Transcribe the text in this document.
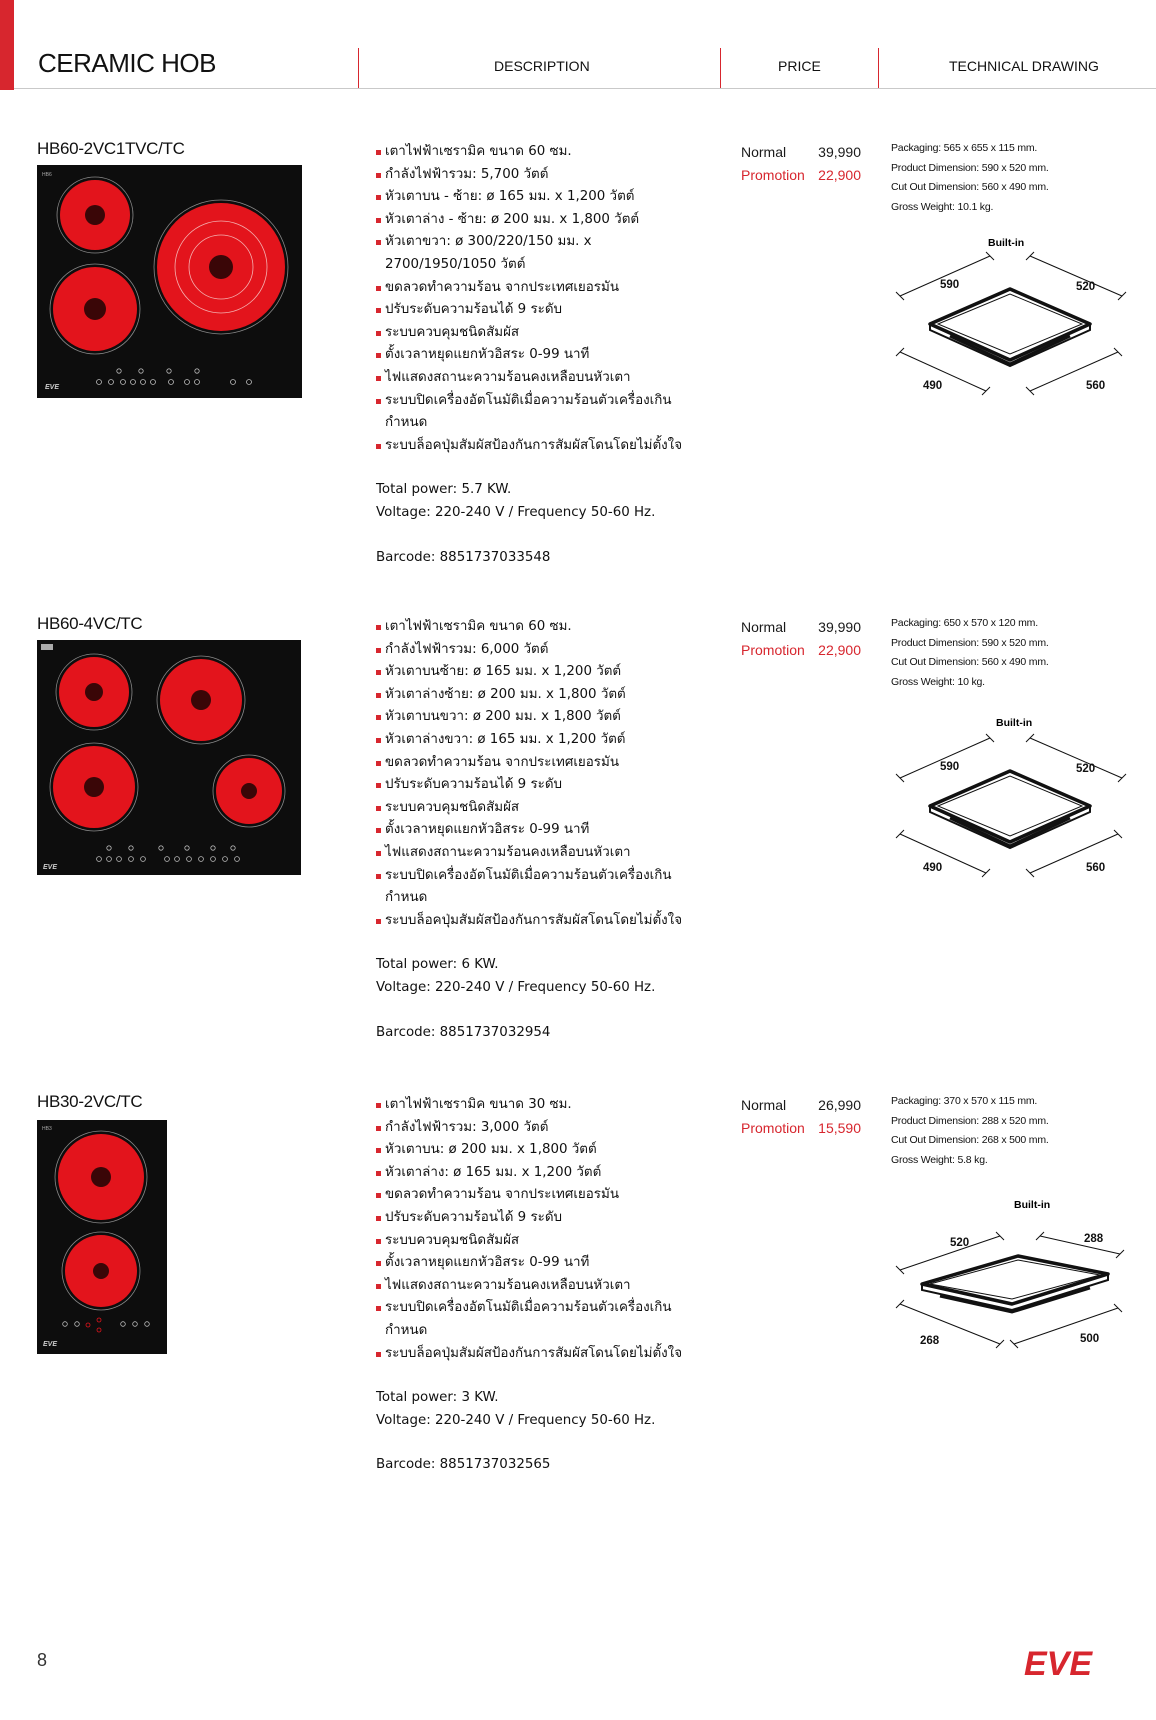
CERAMIC HOB	DESCRIPTION	PRICE	TECHNICAL DRAWING
HB60-2VC1TVC/TC
HB6
EVE
เตาไฟฟ้าเซรามิค ขนาด 60 ซม.
กำลังไฟฟ้ารวม: 5,700 วัตต์
หัวเตาบน - ซ้าย: ø 165 มม. x 1,200 วัตต์
หัวเตาล่าง - ซ้าย: ø 200 มม. x 1,800 วัตต์
หัวเตาขวา: ø 300/220/150 มม. x 2700/1950/1050 วัตต์
ขดลวดทำความร้อน จากประเทศเยอรมัน
ปรับระดับความร้อนได้ 9 ระดับ
ระบบควบคุมชนิดสัมผัส
ตั้งเวลาหยุดแยกหัวอิสระ 0-99 นาที
ไฟแสดงสถานะความร้อนคงเหลือบนหัวเตา
ระบบปิดเครื่องอัตโนมัติเมื่อความร้อนตัวเครื่องเกินกำหนด
ระบบล็อคปุ่มสัมผัสป้องกันการสัมผัสโดนโดยไม่ตั้งใจ
Total power: 5.7 KW.
Voltage: 220-240 V / Frequency 50-60 Hz.
Barcode: 8851737033548
Normal 39,990
Promotion 22,900
Packaging: 565 x 655 x 115 mm.
Product Dimension: 590 x 520 mm.
Cut Out Dimension: 560 x 490 mm.
Gross Weight: 10.1 kg.
Built-in
590	520
490	560
HB60-4VC/TC
EVE
เตาไฟฟ้าเซรามิค ขนาด 60 ซม.
กำลังไฟฟ้ารวม: 6,000 วัตต์
หัวเตาบนซ้าย: ø 165 มม. x 1,200 วัตต์
หัวเตาล่างซ้าย: ø 200 มม. x 1,800 วัตต์
หัวเตาบนขวา: ø 200 มม. x 1,800 วัตต์
หัวเตาล่างขวา: ø 165 มม. x 1,200 วัตต์
ขดลวดทำความร้อน จากประเทศเยอรมัน
ปรับระดับความร้อนได้ 9 ระดับ
ระบบควบคุมชนิดสัมผัส
ตั้งเวลาหยุดแยกหัวอิสระ 0-99 นาที
ไฟแสดงสถานะความร้อนคงเหลือบนหัวเตา
ระบบปิดเครื่องอัตโนมัติเมื่อความร้อนตัวเครื่องเกินกำหนด
ระบบล็อคปุ่มสัมผัสป้องกันการสัมผัสโดนโดยไม่ตั้งใจ
Total power: 6 KW.
Voltage: 220-240 V / Frequency 50-60 Hz.
Barcode: 8851737032954
Normal 39,990
Promotion 22,900
Packaging: 650 x 570 x 120 mm.
Product Dimension: 590 x 520 mm.
Cut Out Dimension: 560 x 490 mm.
Gross Weight: 10 kg.
Built-in
590	520
490	560
HB30-2VC/TC
HB3
EVE
เตาไฟฟ้าเซรามิค ขนาด 30 ซม.
กำลังไฟฟ้ารวม: 3,000 วัตต์
หัวเตาบน: ø 200 มม. x 1,800 วัตต์
หัวเตาล่าง: ø 165 มม. x 1,200 วัตต์
ขดลวดทำความร้อน จากประเทศเยอรมัน
ปรับระดับความร้อนได้ 9 ระดับ
ระบบควบคุมชนิดสัมผัส
ตั้งเวลาหยุดแยกหัวอิสระ 0-99 นาที
ไฟแสดงสถานะความร้อนคงเหลือบนหัวเตา
ระบบปิดเครื่องอัตโนมัติเมื่อความร้อนตัวเครื่องเกินกำหนด
ระบบล็อคปุ่มสัมผัสป้องกันการสัมผัสโดนโดยไม่ตั้งใจ
Total power: 3 KW.
Voltage: 220-240 V / Frequency 50-60 Hz.
Barcode: 8851737032565
Normal 26,990
Promotion 15,590
Packaging: 370 x 570 x 115 mm.
Product Dimension: 288 x 520 mm.
Cut Out Dimension: 268 x 500 mm.
Gross Weight: 5.8 kg.
Built-in
520	288
268	500
8	EVE
